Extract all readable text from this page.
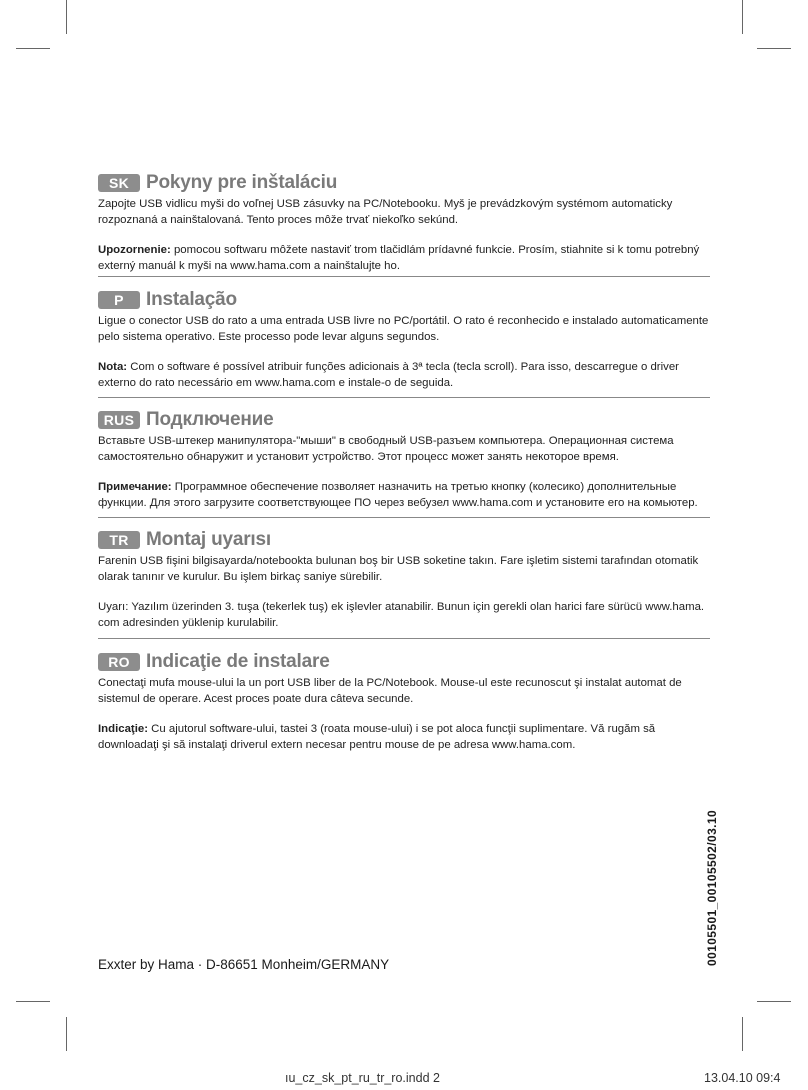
SK Pokyny pre inštaláciu

Zapojte USB vidlicu myši do voľnej USB zásuvky na PC/Notebooku. Myš je prevádzkovým systémom automaticky rozpoznaná a nainštalovaná. Tento proces môže trvať niekoľko sekúnd.

Upozornenie: pomocou softwaru môžete nastaviť trom tlačidlám prídavné funkcie. Prosím, stiahnite si k tomu potrebný externý manuál k myši na www.hama.com a nainštalujte ho.

P	Instalação

Ligue o conector USB do rato a uma entrada USB livre no PC/portátil. O rato é reconhecido e instalado automaticamente pelo sistema operativo. Este processo pode levar alguns segundos.

Nota: Com o software é possível atribuir funções adicionais à 3ª tecla (tecla scroll). Para isso, descarregue o driver externo do rato necessário em www.hama.com e instale-o de seguida.

RUS Подключение

Вставьте USB-штекер манипулятора-"мыши" в свободный USB-разъем компьютера. Операционная система самостоятельно обнаружит и установит устройство. Этот процесс может занять некоторое время.

Примечание: Программное обеспечение позволяет назначить на третью кнопку (колесико) дополнительные функции. Для этого загрузите соответствующее ПО через вебузел www.hama.com и установите его на комьютер.

TR Montaj uyarısı

Farenin USB fişini bilgisayarda/notebookta bulunan boş bir USB soketine takın. Fare işletim sistemi tarafından otomatik olarak tanınır ve kurulur. Bu işlem birkaç saniye sürebilir.

Uyarı: Yazılım üzerinden 3. tuşa (tekerlek tuş) ek işlevler atanabilir. Bunun için gerekli olan harici fare sürücü www.hama. com adresinden yüklenip kurulabilir.

RO Indicaţie de instalare

Conectaţi mufa mouse-ului la un port USB liber de la PC/Notebook. Mouse-ul este recunoscut şi instalat automat de sistemul de operare. Acest proces poate dura câteva secunde.

Indicaţie: Cu ajutorul software-ului, tastei 3 (roata mouse-ului) i se pot aloca funcţii suplimentare. Vă rugăm să downloadaţi şi să instalaţi driverul extern necesar pentru mouse de pe adresa www.hama.com.

Exxter by Hama · D-86651 Monheim/GERMANY	00105501_00105502/03.10
ıu_cz_sk_pt_ru_tr_ro.indd 2	13.04.10 09:4
